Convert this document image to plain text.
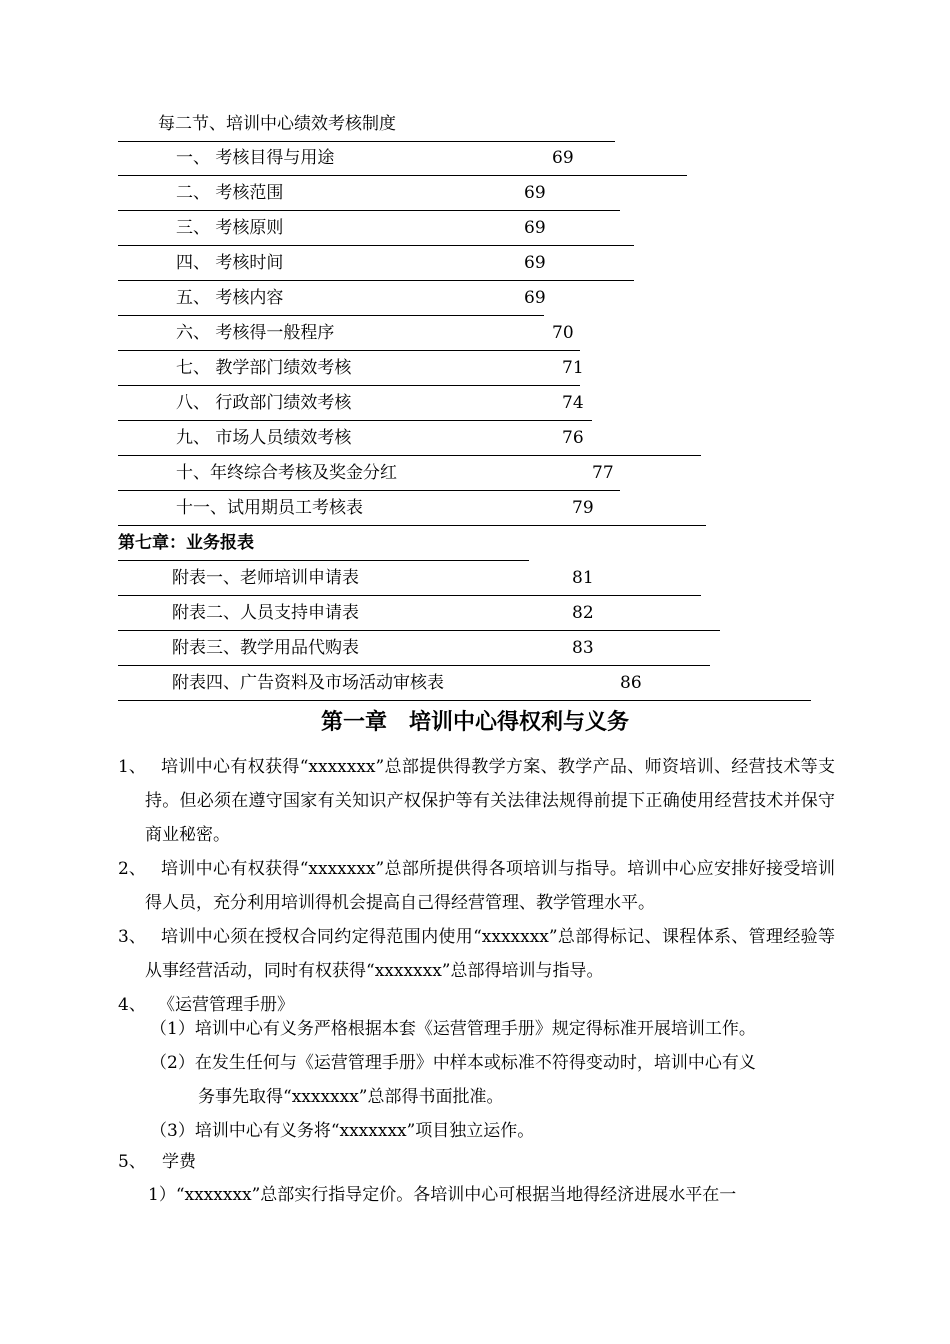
每二节、培训中心绩效考核制度
一、 考核目得与用途	69
二、 考核范围	69
三、 考核原则	69
四、 考核时间	69
五、 考核内容	69
六、 考核得一般程序	70
七、 教学部门绩效考核	71
八、 行政部门绩效考核	74
九、 市场人员绩效考核	76
十、年终综合考核及奖金分红	77
十一、试用期员工考核表	79
第七章：业务报表
附表一、老师培训申请表	81
附表二、人员支持申请表	82
附表三、教学用品代购表	83
附表四、广告资料及市场活动审核表	86
第一章　培训中心得权利与义务
1、 培训中心有权获得“xxxxxxx”总部提供得教学方案、教学产品、师资培训、经营技术等支持。但必须在遵守国家有关知识产权保护等有关法律法规得前提下正确使用经营技术并保守商业秘密。
2、 培训中心有权获得“xxxxxxx”总部所提供得各项培训与指导。培训中心应安排好接受培训得人员，充分利用培训得机会提高自己得经营管理、教学管理水平。
3、 培训中心须在授权合同约定得范围内使用“xxxxxxx”总部得标记、课程体系、管理经验等从事经营活动，同时有权获得“xxxxxxx”总部得培训与指导。
4、 《运营管理手册》
（1）培训中心有义务严格根据本套《运营管理手册》规定得标准开展培训工作。
（2）在发生任何与《运营管理手册》中样本或标准不符得变动时，培训中心有义
务事先取得“xxxxxxx”总部得书面批准。
（3）培训中心有义务将“xxxxxxx”项目独立运作。
5、 学费
1）“xxxxxxx”总部实行指导定价。各培训中心可根据当地得经济进展水平在一
